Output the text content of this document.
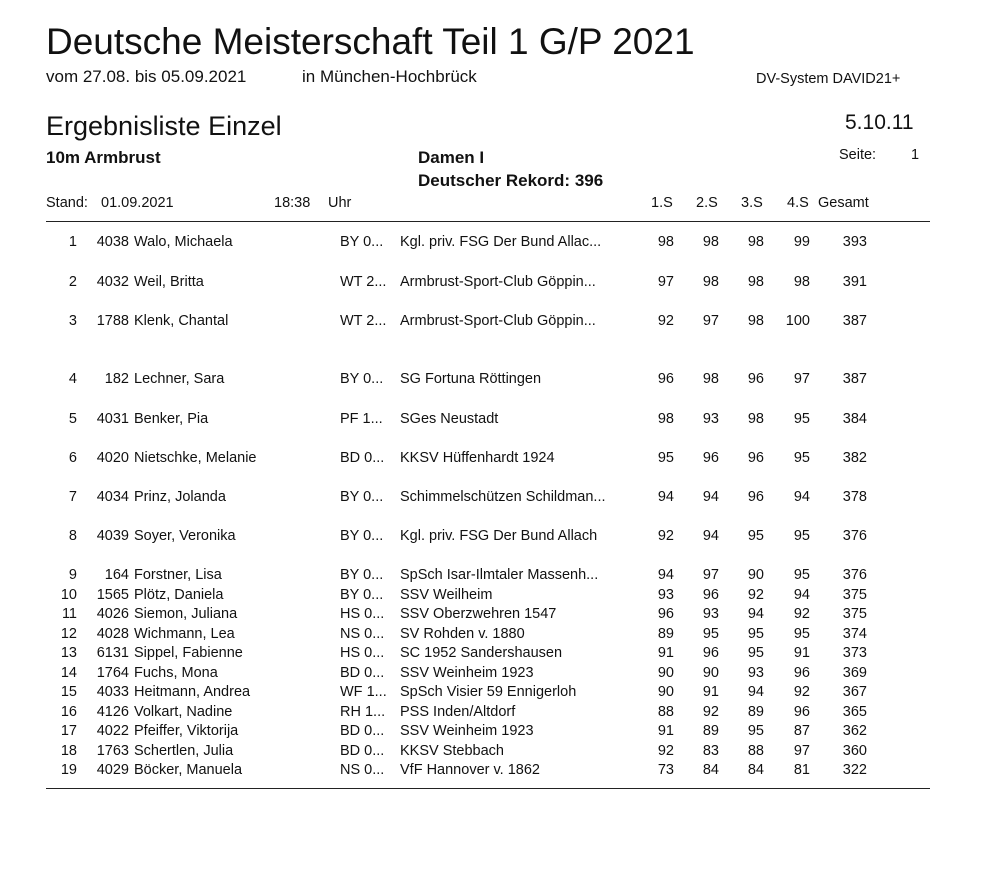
Deutsche Meisterschaft Teil 1 G/P 2021
vom 27.08. bis 05.09.2021	in München-Hochbrück	DV-System DAVID21+
Ergebnisliste Einzel	5.10.11
10m Armbrust	Damen I
Deutscher Rekord: 396
Seite: 1
Stand: 01.09.2021	18:38 Uhr	1.S 2.S 3.S 4.S Gesamt
1 4038 Walo, Michaela	BY 0... Kgl. priv. FSG Der Bund Allac...	98 98 98 99 393
2 4032 Weil, Britta	WT 2... Armbrust-Sport-Club Göppin...	97 98 98 98 391
3 1788 Klenk, Chantal	WT 2... Armbrust-Sport-Club Göppin...	92 97 98 100 387
4 182 Lechner, Sara	BY 0... SG Fortuna Röttingen	96 98 96 97 387
5 4031 Benker, Pia	PF 1... SGes Neustadt	98 93 98 95 384
6 4020 Nietschke, Melanie	BD 0... KKSV Hüffenhardt 1924	95 96 96 95 382
7 4034 Prinz, Jolanda	BY 0... Schimmelschützen Schildman...	94 94 96 94 378
8 4039 Soyer, Veronika	BY 0... Kgl. priv. FSG Der Bund Allach	92 94 95 95 376
9 164 Forstner, Lisa	BY 0... SpSch Isar-Ilmtaler Massenh...	94 97 90 95 376
10 1565 Plötz, Daniela	BY 0... SSV Weilheim	93 96 92 94 375
11 4026 Siemon, Juliana	HS 0... SSV Oberzwehren 1547	96 93 94 92 375
12 4028 Wichmann, Lea	NS 0... SV Rohden v. 1880	89 95 95 95 374
13 6131 Sippel, Fabienne	HS 0... SC 1952 Sandershausen	91 96 95 91 373
14 1764 Fuchs, Mona	BD 0... SSV Weinheim 1923	90 90 93 96 369
15 4033 Heitmann, Andrea	WF 1... SpSch Visier 59 Ennigerloh	90 91 94 92 367
16 4126 Volkart, Nadine	RH 1... PSS Inden/Altdorf	88 92 89 96 365
17 4022 Pfeiffer, Viktorija	BD 0... SSV Weinheim 1923	91 89 95 87 362
18 1763 Schertlen, Julia	BD 0... KKSV Stebbach	92 83 88 97 360
19 4029 Böcker, Manuela	NS 0... VfF Hannover v. 1862	73 84 84 81 322
